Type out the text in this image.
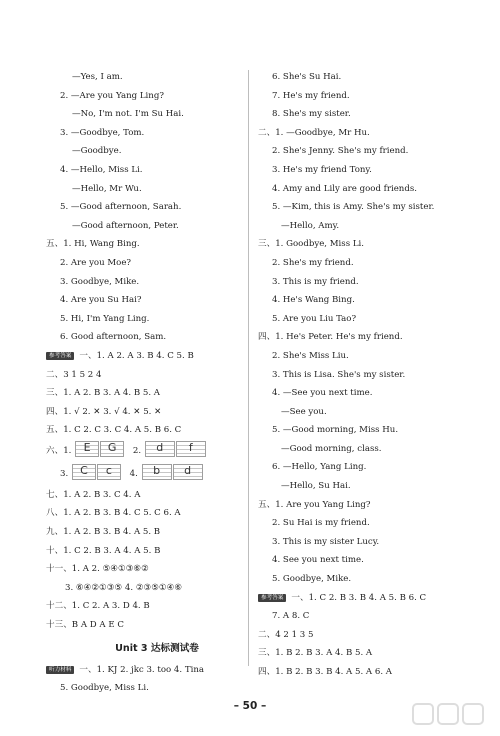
—Yes, I am.
2. —Are you Yang Ling?
—No, I'm not. I'm Su Hai.
3. —Goodbye, Tom.
—Goodbye.
4. —Hello, Miss Li.
—Hello, Mr Wu.
5. —Good afternoon, Sarah.
—Good afternoon, Peter.
五、1. Hi, Wang Bing.
2. Are you Moe?
3. Goodbye, Mike.
4. Are you Su Hai?
5. Hi, I'm Yang Ling.
6. Good afternoon, Sam.
参考答案 一、1. A 2. A 3. B 4. C 5. B
二、3 1 5 2 4
三、1. A 2. B 3. A 4. B 5. A
四、1. √ 2. ✕ 3. √ 4. ✕ 5. ✕
五、1. C 2. C 3. C 4. A 5. B 6. C
六、1.	E	G	2.	d	f
3.	C	c	4.	b	d
七、1. A 2. B 3. C 4. A
八、1. A 2. B 3. B 4. C 5. C 6. A
九、1. A 2. B 3. B 4. A 5. B
十、1. C 2. B 3. A 4. A 5. B
十一、1. A 2. ⑤④①③⑥②
3. ⑥④②①③⑤ 4. ②③⑤①④⑥
十二、1. C 2. A 3. D 4. B
十三、B A D A E C
Unit 3 达标测试卷
听力材料 一、1. KJ 2. jkc 3. too 4. Tina
5. Goodbye, Miss Li.
6. She's Su Hai.
7. He's my friend.
8. She's my sister.
二、1. —Goodbye, Mr Hu.
2. She's Jenny. She's my friend.
3. He's my friend Tony.
4. Amy and Lily are good friends.
5. —Kim, this is Amy. She's my sister.
—Hello, Amy.
三、1. Goodbye, Miss Li.
2. She's my friend.
3. This is my friend.
4. He's Wang Bing.
5. Are you Liu Tao?
四、1. He's Peter. He's my friend.
2. She's Miss Liu.
3. This is Lisa. She's my sister.
4. —See you next time.
—See you.
5. —Good morning, Miss Hu.
—Good morning, class.
6. —Hello, Yang Ling.
—Hello, Su Hai.
五、1. Are you Yang Ling?
2. Su Hai is my friend.
3. This is my sister Lucy.
4. See you next time.
5. Goodbye, Mike.
参考答案 一、1. C 2. B 3. B 4. A 5. B 6. C
7. A 8. C
二、4 2 1 3 5
三、1. B 2. B 3. A 4. B 5. A
四、1. B 2. B 3. B 4. A 5. A 6. A
– 50 –
